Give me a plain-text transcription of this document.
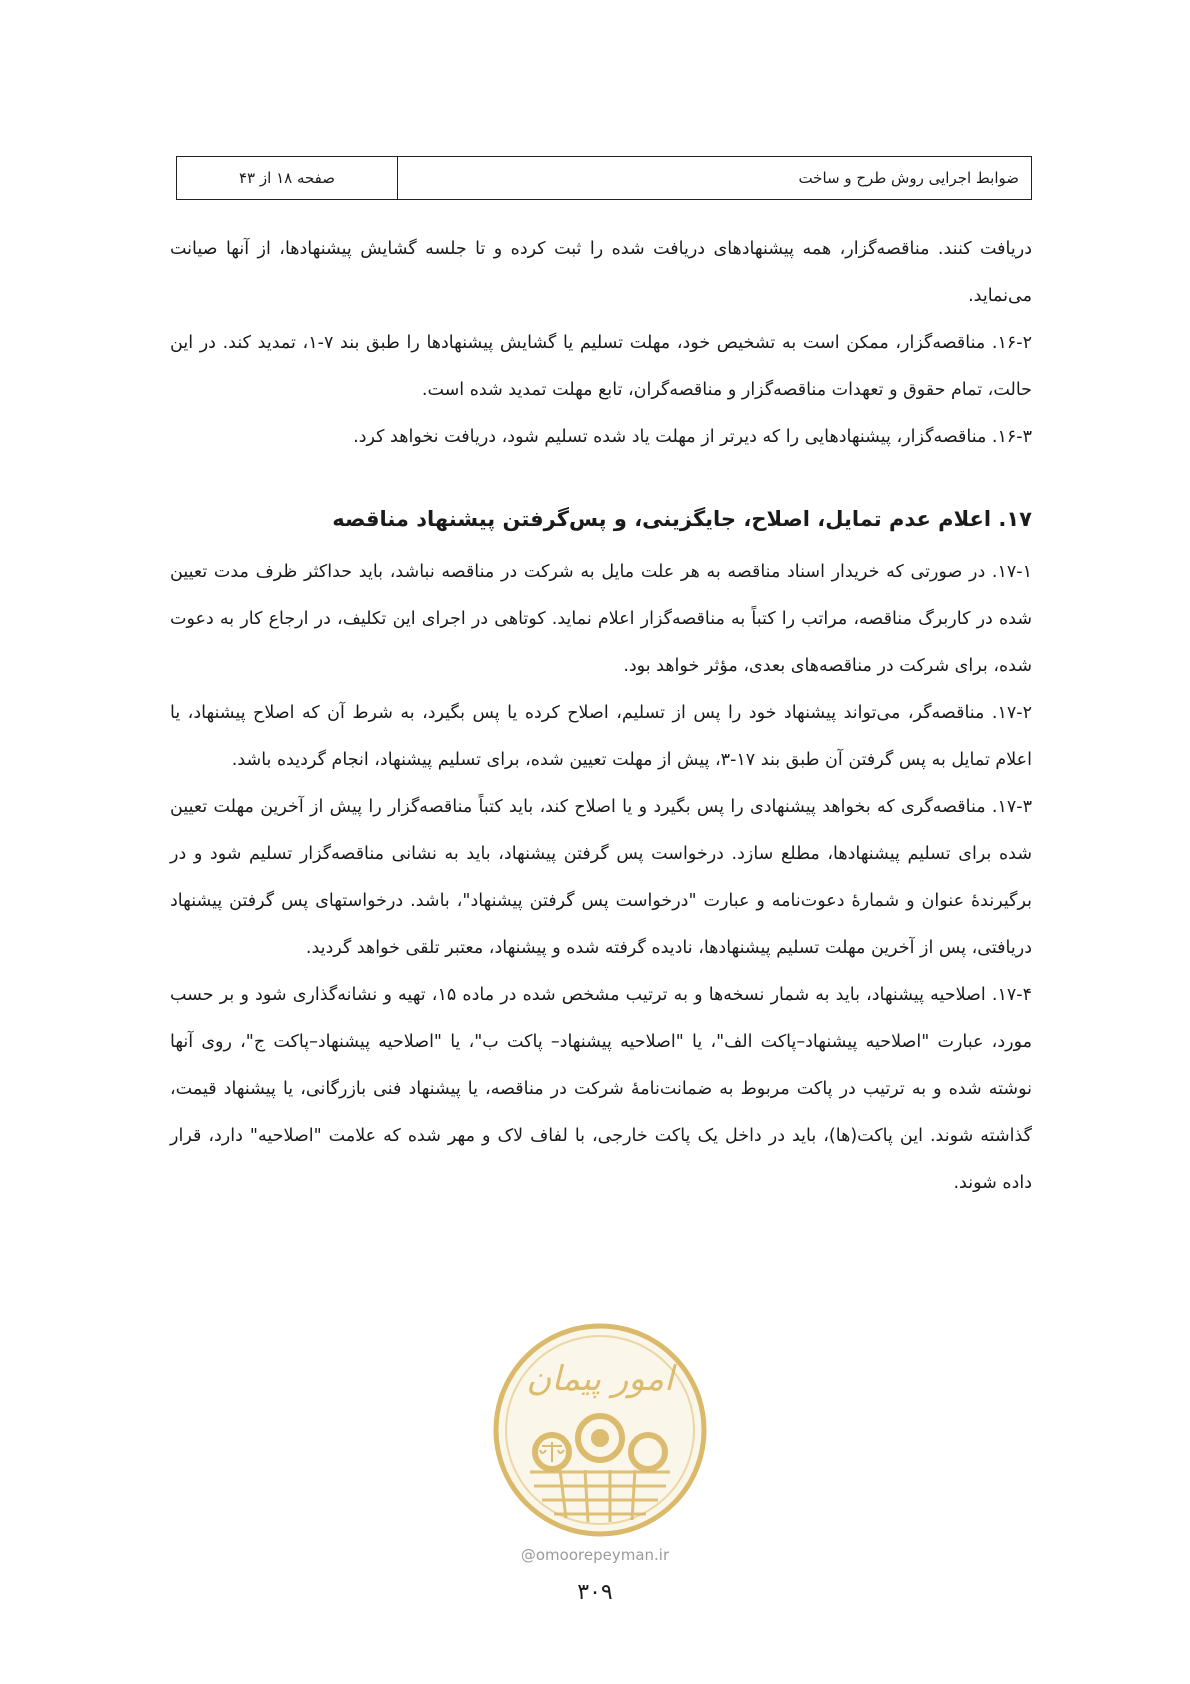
ضوابط اجرایی روش طرح و ساخت
صفحه ۱۸ از ۴۳

دریافت کنند. مناقصه‌گزار، همه پیشنهادهای دریافت شده را ثبت کرده و تا جلسه گشایش پیشنهادها، از آنها صیانت می‌نماید.

۱۶-۲. مناقصه‌گزار، ممکن است به تشخیص خود، مهلت تسلیم یا گشایش پیشنهادها را طبق بند ۷-۱، تمدید کند. در این حالت، تمام حقوق و تعهدات مناقصه‌گزار و مناقصه‌گران، تابع مهلت تمدید شده است.

۱۶-۳. مناقصه‌گزار، پیشنهادهایی را که دیرتر از مهلت یاد شده تسلیم شود، دریافت نخواهد کرد.

۱۷. اعلام عدم تمایل، اصلاح، جایگزینی، و پس‌گرفتن پیشنهاد مناقصه

۱۷-۱. در صورتی که خریدار اسناد مناقصه به هر علت مایل به شرکت در مناقصه نباشد، باید حداکثر ظرف مدت تعیین شده در کاربرگ مناقصه، مراتب را کتباً به مناقصه‌گزار اعلام نماید. کوتاهی در اجرای این تکلیف، در ارجاع کار به دعوت شده، برای شرکت در مناقصه‌های بعدی، مؤثر خواهد بود.

۱۷-۲. مناقصه‌گر، می‌تواند پیشنهاد خود را پس از تسلیم، اصلاح کرده یا پس بگیرد، به شرط آن که اصلاح پیشنهاد، یا اعلام تمایل به پس گرفتن آن طبق بند ۱۷-۳، پیش از مهلت تعیین شده، برای تسلیم پیشنهاد، انجام گردیده باشد.

۱۷-۳. مناقصه‌گری که بخواهد پیشنهادی را پس بگیرد و یا اصلاح کند، باید کتباً مناقصه‌گزار را پیش از آخرین مهلت تعیین شده برای تسلیم پیشنهادها، مطلع سازد. درخواست پس گرفتن پیشنهاد، باید به نشانی مناقصه‌گزار تسلیم شود و در برگیرندهٔ عنوان و شمارهٔ دعوت‌نامه و عبارت "درخواست پس گرفتن پیشنهاد"، باشد. درخواستهای پس گرفتن پیشنهاد دریافتی، پس از آخرین مهلت تسلیم پیشنهادها، نادیده گرفته شده و پیشنهاد، معتبر تلقی خواهد گردید.

۱۷-۴. اصلاحیه پیشنهاد، باید به شمار نسخه‌ها و به ترتیب مشخص شده در ماده ۱۵، تهیه و نشانه‌گذاری شود و بر حسب مورد، عبارت "اصلاحیه پیشنهاد–پاکت الف"، یا "اصلاحیه پیشنهاد– پاکت ب"، یا "اصلاحیه پیشنهاد–پاکت ج"، روی آنها نوشته شده و به ترتیب در پاکت مربوط به ضمانت‌نامهٔ شرکت در مناقصه، یا پیشنهاد فنی بازرگانی، یا پیشنهاد قیمت، گذاشته شوند. این پاکت(ها)، باید در داخل یک پاکت خارجی، با لفاف لاک و مهر شده که علامت "اصلاحیه" دارد، قرار داده شوند.

امور پیمان
@omoorepeyman.ir
۳۰۹
